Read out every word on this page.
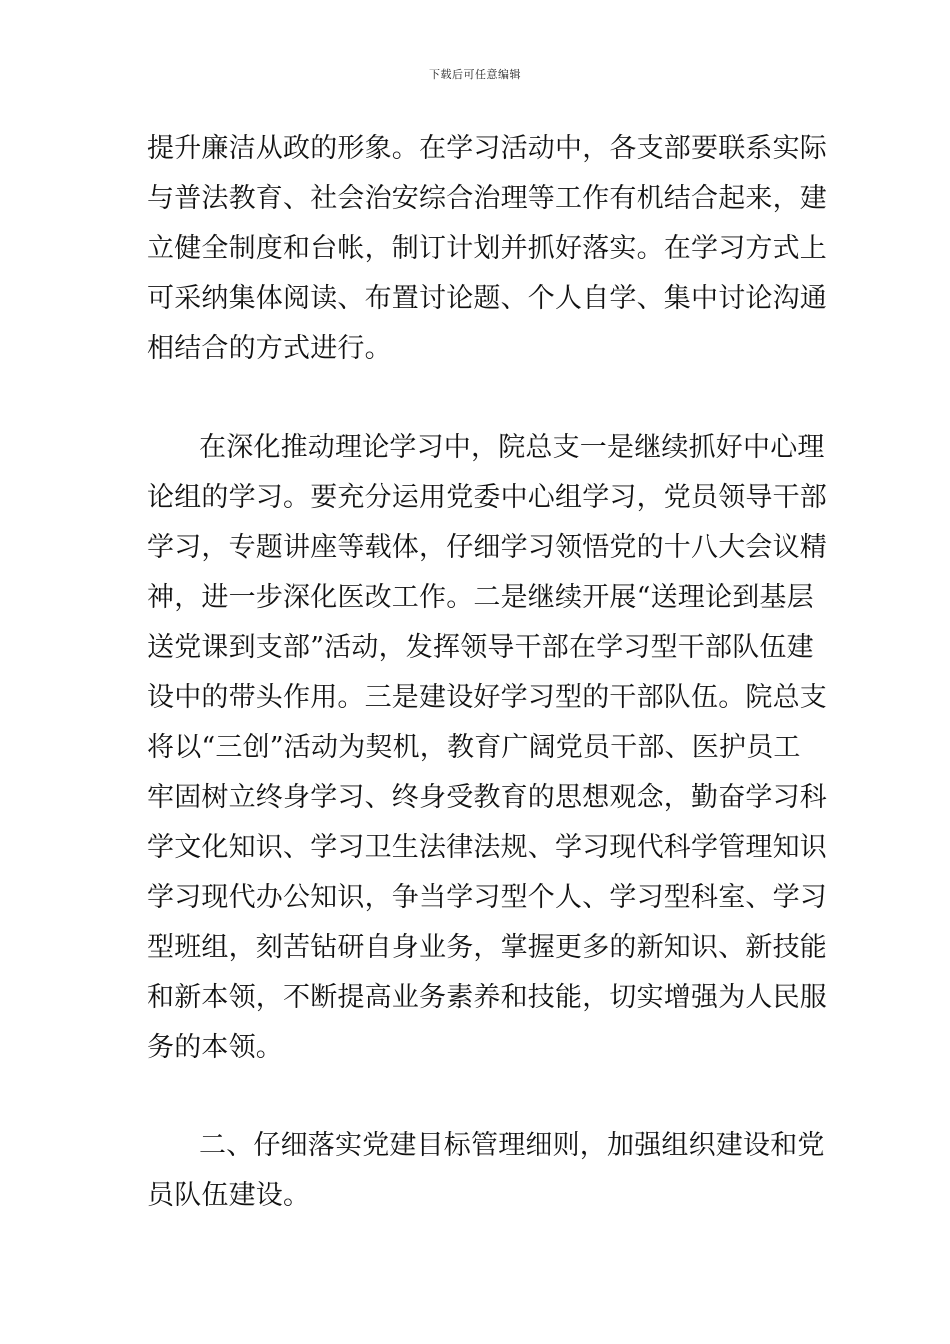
下载后可任意编辑
提升廉洁从政的形象。在学习活动中，各支部要联系实际
与普法教育、社会治安综合治理等工作有机结合起来，建
立健全制度和台帐，制订计划并抓好落实。在学习方式上
可采纳集体阅读、布置讨论题、个人自学、集中讨论沟通
相结合的方式进行。
在深化推动理论学习中，院总支一是继续抓好中心理
论组的学习。要充分运用党委中心组学习，党员领导干部
学习，专题讲座等载体，仔细学习领悟党的十八大会议精
神，进一步深化医改工作。二是继续开展“送理论到基层
送党课到支部”活动，发挥领导干部在学习型干部队伍建
设中的带头作用。三是建设好学习型的干部队伍。院总支
将以“三创”活动为契机，教育广阔党员干部、医护员工
牢固树立终身学习、终身受教育的思想观念，勤奋学习科
学文化知识、学习卫生法律法规、学习现代科学管理知识
学习现代办公知识，争当学习型个人、学习型科室、学习
型班组，刻苦钻研自身业务，掌握更多的新知识、新技能
和新本领，不断提高业务素养和技能，切实增强为人民服
务的本领。
二、仔细落实党建目标管理细则，加强组织建设和党
员队伍建设。
